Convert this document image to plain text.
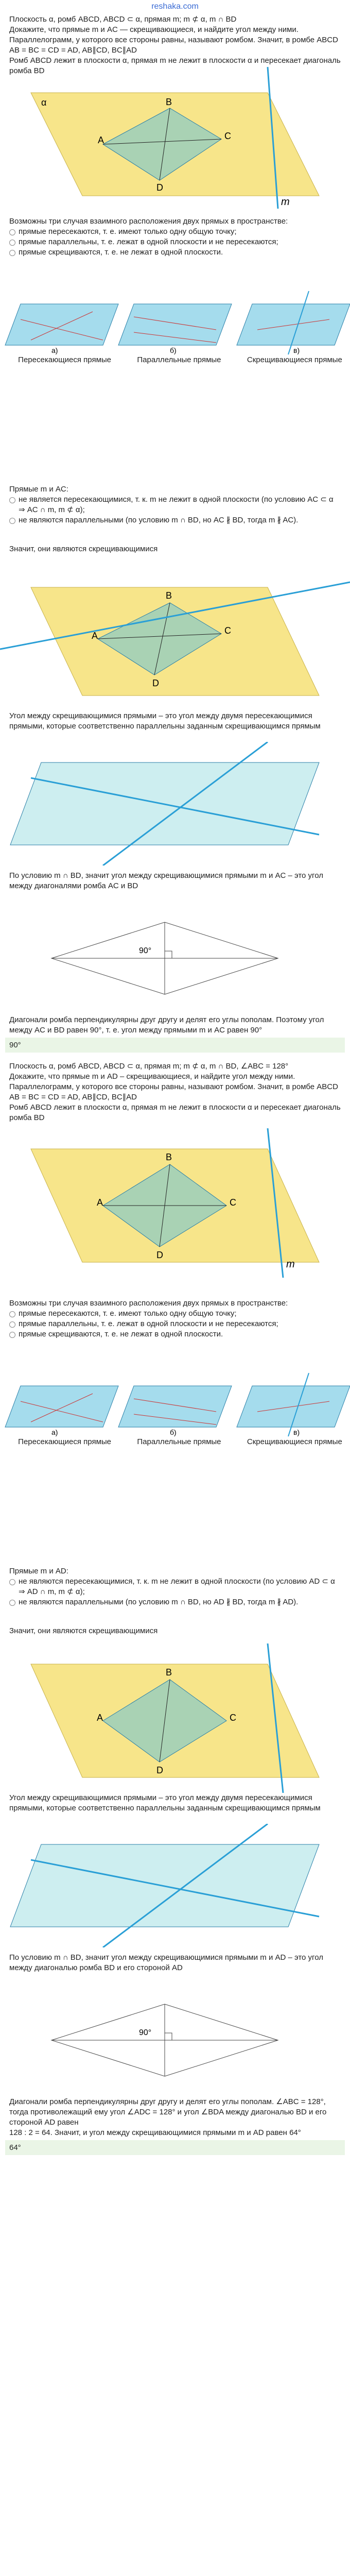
reshaka.com

Плоскость α, ромб ABCD, ABCD ⊂ α, прямая m; m ⊄ α, m ∩ BD

Докажите, что прямые m и AC — скрещивающиеся, и найдите угол между ними.

Параллелограмм, у которого все стороны равны, называют ромбом. Значит, в ромбе ABCD AB = BC = CD = AD, AB∥CD, BC∥AD

Ромб ABCD лежит в плоскости α, прямая m не лежит в плоскости α и пересекает диагональ ромба BD

A
B
C
D
m
α

Возможны три случая взаимного расположения двух прямых в пространстве:

прямые пересекаются, т. е. имеют только одну общую точку;
прямые параллельны, т. е. лежат в одной плоскости и не пересекаются;
прямые скрещиваются, т. е. не лежат в одной плоскости.
a)	б)	в)
Пересекающиеся прямые	Параллельные прямые	Скрещивающиеся прямые

Прямые m и AC:

не является пересекающимися, т. к. m не лежит в одной плоскости (по условию AC ⊂ α ⇒ AC ∩ m, m ⊄ α);
не являются параллельными (по условию m ∩ BD, но AC ∦ BD, тогда m ∦ AC).

Значит, они являются скрещивающимися

A
B
C
D

Угол между скрещивающимися прямыми – это угол между двумя пересекающимися прямыми, которые соответственно параллельны заданным скрещивающимся прямым

По условию m ∩ BD, значит угол между скрещивающимися прямыми m и AC – это угол между диагоналями ромба AC и BD

90°

Диагонали ромба перпендикулярны друг другу и делят его углы пополам. Поэтому угол между AC и BD равен 90°, т. е. угол между прямыми m и AC равен 90°

90°

Плоскость α, ромб ABCD, ABCD ⊂ α, прямая m; m ⊄ α, m ∩ BD, ∠ABC = 128°

Докажите, что прямые m и AD – скрещивающиеся, и найдите угол между ними.

Параллелограмм, у которого все стороны равны, называют ромбом. Значит, в ромбе ABCD AB = BC = CD = AD, AB∥CD, BC∥AD

Ромб ABCD лежит в плоскости α, прямая m не лежит в плоскости α и пересекает диагональ ромба BD

A
B
C
D
m

Возможны три случая взаимного расположения двух прямых в пространстве:

прямые пересекаются, т. е. имеют только одну общую точку;
прямые параллельны, т. е. лежат в одной плоскости и не пересекаются;
прямые скрещиваются, т. е. не лежат в одной плоскости.
a)	б)	в)
Пересекающиеся прямые	Параллельные прямые	Скрещивающиеся прямые

Прямые m и AD:

не являются пересекающимися, т. к. m не лежит в одной плоскости (по условию AD ⊂ α ⇒ AD ∩ m, m ⊄ α);
не являются параллельными (по условию m ∩ BD, но AD ∦ BD, тогда m ∦ AD).

Значит, они являются скрещивающимися

A
B
C
D

Угол между скрещивающимися прямыми – это угол между двумя пересекающимися прямыми, которые соответственно параллельны заданным скрещивающимся прямым

По условию m ∩ BD, значит угол между скрещивающимися прямыми m и AD – это угол между диагональю ромба BD и его стороной AD

90°

Диагонали ромба перпендикулярны друг другу и делят его углы пополам. ∠ABC = 128°, тогда противолежащий ему угол ∠ADC = 128° и угол ∠BDA между диагональю BD и его стороной AD равен

128 : 2 = 64. Значит, и угол между скрещивающимися прямыми m и AD равен 64°

64°
